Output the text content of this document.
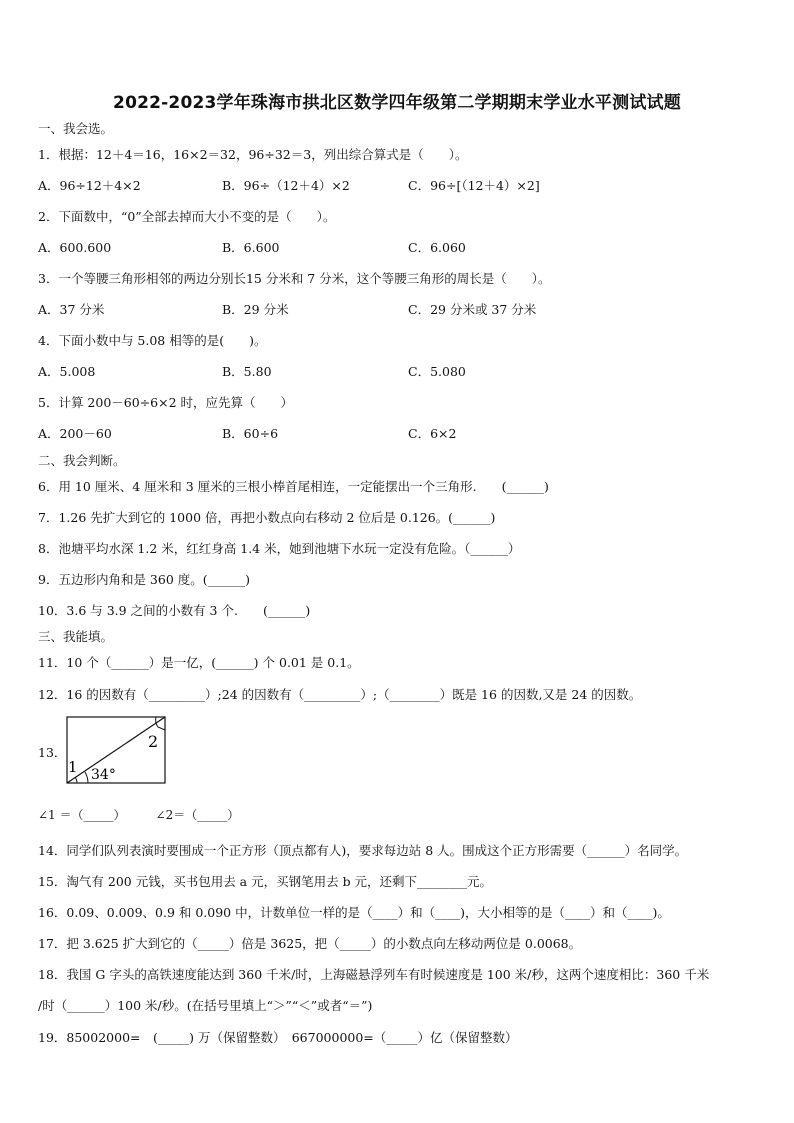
2022-2023学年珠海市拱北区数学四年级第二学期期末学业水平测试试题
一、我会选。
1．根据：12＋4＝16，16×2＝32，96÷32＝3，列出综合算式是（　　）。
A．96÷12＋4×2	B．96÷（12＋4）×2	C．96÷[（12＋4）×2]
2．下面数中，“0”全部去掉而大小不变的是（　　）。
A．600.600	B．6.600	C．6.060
3．一个等腰三角形相邻的两边分别长15 分米和 7 分米，这个等腰三角形的周长是（　　）。
A．37 分米	B．29 分米	C．29 分米或 37 分米
4．下面小数中与 5.08 相等的是(　　)。
A．5.008	B．5.80	C．5.080
5．计算 200－60÷6×2 时，应先算（　　）
A．200－60	B．60÷6	C．6×2
二、我会判断。
6．用 10 厘米、4 厘米和 3 厘米的三根小棒首尾相连，一定能摆出一个三角形.　　(______)
7．1.26 先扩大到它的 1000 倍，再把小数点向右移动 2 位后是 0.126。(______)
8．池塘平均水深 1.2 米，红红身高 1.4 米，她到池塘下水玩一定没有危险。（______）
9．五边形内角和是 360 度。(______)
10．3.6 与 3.9 之间的小数有 3 个.　　(______)
三、我能填。
11．10 个（______）是一亿，(______) 个 0.01 是 0.1。
12．16 的因数有（_________）;24 的因数有（_________）;（________）既是 16 的因数,又是 24 的因数。
13．
1
2
34°
∠1 ＝（_____）	∠2＝（_____）
14．同学们队列表演时要围成一个正方形（顶点都有人)，要求每边站 8 人。围成这个正方形需要（______）名同学。
15．淘气有 200 元钱，买书包用去 a 元，买钢笔用去 b 元，还剩下________元。
16．0.09、0.009、0.9 和 0.090 中，计数单位一样的是（____）和（____)，大小相等的是（____）和（____)。
17．把 3.625 扩大到它的（_____）倍是 3625，把（_____）的小数点向左移动两位是 0.0068。
18．我国 G 字头的高铁速度能达到 360 千米/时，上海磁悬浮列车有时候速度是 100 米/秒，这两个速度相比：360 千米
/时（______）100 米/秒。(在括号里填上“＞”“＜”或者“＝”)
19．85002000=　(_____) 万（保留整数）　667000000=（_____）亿（保留整数）
